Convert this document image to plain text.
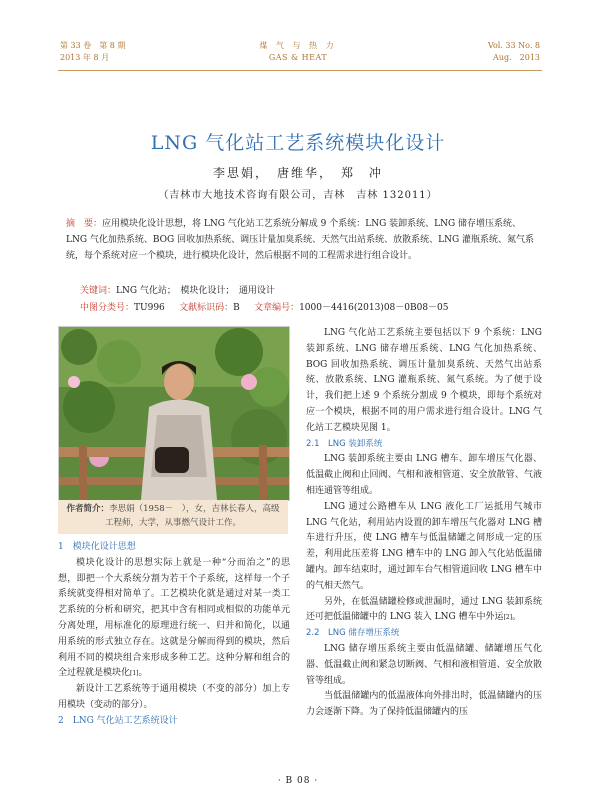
第 33 卷　第 8 期
2013 年 8 月
煤 气 与 热 力
GAS & HEAT
Vol. 33 No. 8
Aug.　2013
LNG 气化站工艺系统模块化设计
李思娟，　唐维华，　郑　冲
（吉林市大地技术咨询有限公司，吉林　吉林 132011）

摘　要：应用模块化设计思想，将 LNG 气化站工艺系统分解成 9 个系统：LNG 装卸系统、LNG 储存增压系统、LNG 气化加热系统、BOG 回收加热系统、调压计量加臭系统、天然气出站系统、放散系统、LNG 灌瓶系统、氮气系统，每个系统对应一个模块，进行模块化设计，然后根据不同的工程需求进行组合设计。

关键词：LNG 气化站；　模块化设计；　通用设计
中图分类号：TU996 文献标识码：B 文章编号：1000－4416(2013)08－0B08－05
作者简介：李思娟（1958－　），女，吉林长春人，高级工程师，大学，从事燃气设计工作。

1　模块化设计思想

模块化设计的思想实际上就是一种“分而治之”的思想，即把一个大系统分割为若干个子系统，这样每一个子系统就变得相对简单了。工艺模块化就是通过对某一类工艺系统的分析和研究，把其中含有相同或相似的功能单元分离处理，用标准化的原理进行统一、归并和简化，以通用系统的形式独立存在。这就是分解而得到的模块，然后利用不同的模块组合来形成多种工艺。这种分解和组合的全过程就是模块化[1]。

新设计工艺系统等于通用模块（不变的部分）加上专用模块（变动的部分）。

2　LNG 气化站工艺系统设计

LNG 气化站工艺系统主要包括以下 9 个系统：LNG 装卸系统、LNG 储存增压系统、LNG 气化加热系统、BOG 回收加热系统、调压计量加臭系统、天然气出站系统、放散系统、LNG 灌瓶系统、氮气系统。为了便于设计，我们把上述 9 个系统分割成 9 个模块，即每个系统对应一个模块，根据不同的用户需求进行组合设计。LNG 气化站工艺模块见图 1。

2.1　LNG 装卸系统

LNG 装卸系统主要由 LNG 槽车、卸车增压气化器、低温截止阀和止回阀、气相和液相管道、安全放散管、气液相连通管等组成。

LNG 通过公路槽车从 LNG 液化工厂运抵用气城市 LNG 气化站，利用站内设置的卸车增压气化器对 LNG 槽车进行升压，使 LNG 槽车与低温储罐之间形成一定的压差，利用此压差将 LNG 槽车中的 LNG 卸入气化站低温储罐内。卸车结束时，通过卸车台气相管道回收 LNG 槽车中的气相天然气。

另外，在低温储罐检修或泄漏时，通过 LNG 装卸系统还可把低温储罐中的 LNG 装入 LNG 槽车中外运[2]。

2.2　LNG 储存增压系统

LNG 储存增压系统主要由低温储罐、储罐增压气化器、低温截止阀和紧急切断阀、气相和液相管道、安全放散管等组成。

当低温储罐内的低温液体向外排出时，低温储罐内的压力会逐渐下降。为了保持低温储罐内的压

· B 08 ·
